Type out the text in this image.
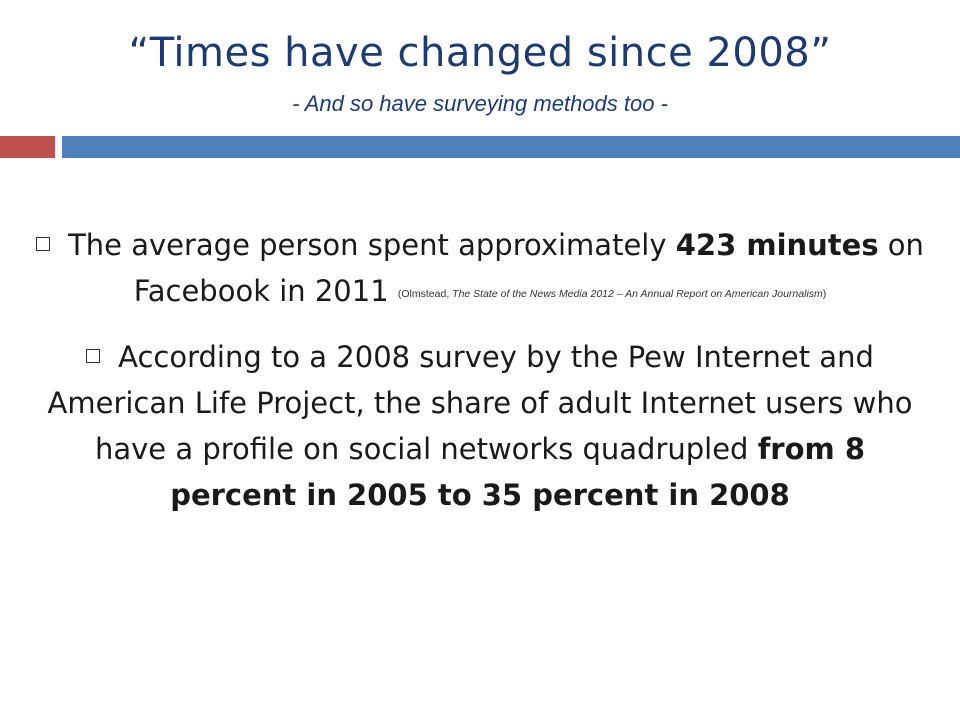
“Times have changed since 2008”
- And so have surveying methods too -
The average person spent approximately 423 minutes on Facebook in 2011 (Olmstead, The State of the News Media 2012 – An Annual Report on American Journalism)
According to a 2008 survey by the Pew Internet and American Life Project, the share of adult Internet users who have a profile on social networks quadrupled from 8 percent in 2005 to 35 percent in 2008
